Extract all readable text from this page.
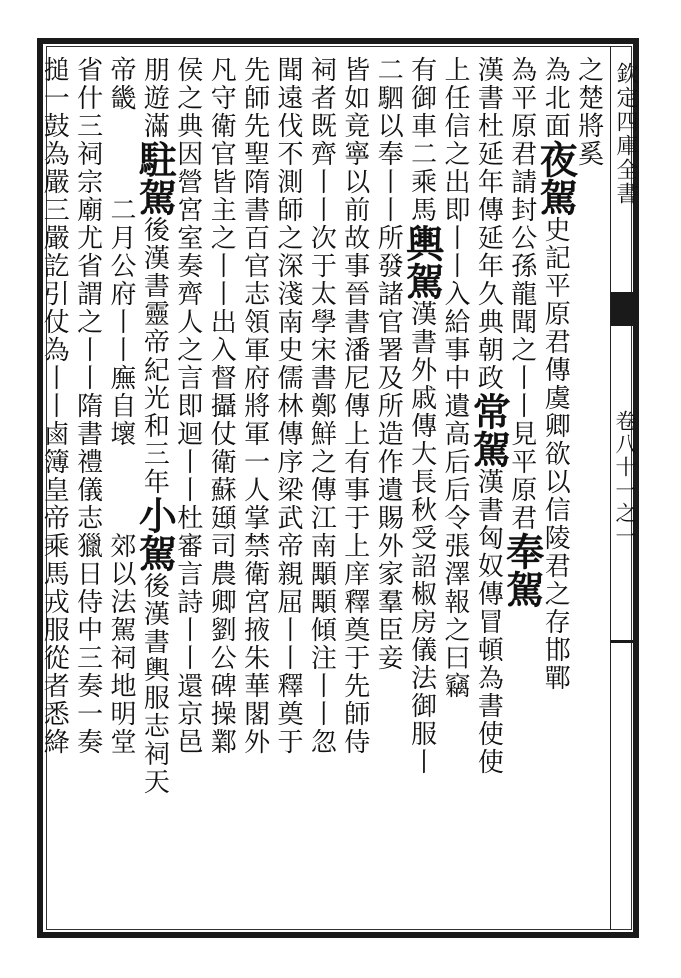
欽定四庫全書
卷八十一之一
之楚將奚
為北面夜駕史記平原君傳虞卿欲以信陵君之存邯鄲
為平原君請封公孫龍聞之丨丨見平原君奉駕
漢書杜延年傳延年久典朝政常駕漢書匈奴傳冒頓為書使使
上任信之出即丨丨入給事中遺高后后令張澤報之曰竊
有御車二乘馬輿駕漢書外戚傳大長秋受詔椒房儀法御服丨
二駟以奉丨丨所發諸官署及所造作遺賜外家羣臣妾
皆如竟寧以前故事晉書潘尼傳上有事于上庠釋奠于先師侍
祠者既齊丨丨次于太學宋書鄭鮮之傳江南顒顒傾注丨丨忽
聞遠伐不測師之深淺南史儒林傳序梁武帝親屈丨丨釋奠于
先師先聖隋書百官志領軍府將軍一人掌禁衛宮掖朱華閣外
凡守衛官皆主之丨丨出入督攝仗衛蘇頲司農卿劉公碑操鄴
侯之典因營宮室奏齊人之言即迴丨丨杜審言詩丨丨還京邑
朋遊滿駐駕後漢書靈帝紀光和三年小駕後漢書輿服志祠天
帝畿　　　二月公府丨丨廡自壞　　　郊以法駕祠地明堂
省什三祠宗廟尤省謂之丨丨隋書禮儀志獵日侍中三奏一奏
搥一鼓為嚴三嚴訖引仗為丨丨鹵簿皇帝乘馬戎服從者悉絳
